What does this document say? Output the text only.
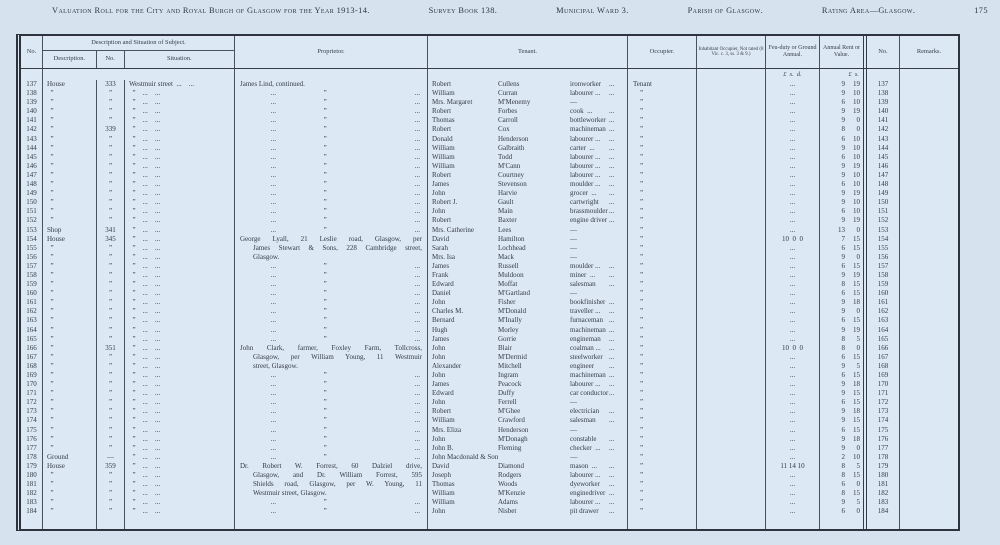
Valuation Roll for the City and Royal Burgh of Glasgow for the Year 1913-14.	Survey Book 138.	Municipal Ward 3.	Parish of Glasgow.	Rating Area—Glasgow.	175
No.
Description and Situation of Subject.
Description.	No.	Situation.
Proprietor.	Tenant.	Occupier.	Inhabitant Occupier, Not rated (8 Vic. c. 3, ss. 3 & 9.)
Feu-duty or Ground Annual.
Annual Rent or Value.
No.	Remarks.
£ s. d.	£ s.
137	House	333	Westmuir street ... ...	James Lind, continued.	Robert	Cullens	ironworker	...	Tenant	...	9	19	137
138	 ”	”	 ” ... ...	...	”	...	William	Curran	labourer ...	...	  ”	...	9	10	138
139	 ”	”	 ” ... ...	...	”	...	Mrs. Margaret	M'Menemy	—	  ”	...	6	10	139
140	 ”	”	 ” ... ...	...	”	...	Robert	Forbes	cook ...	...	  ”	...	9	19	140
141	 ”	”	 ” ... ...	...	”	...	Thomas	Carroll	bottleworker ...	  ”	...	9	0	141
142	 ”	339	 ” ... ...	...	”	...	Robert	Cox	machineman ...	  ”	...	8	0	142
143	 ”	”	 ” ... ...	...	”	...	Donald	Henderson	labourer ...	...	  ”	...	6	10	143
144	 ”	”	 ” ... ...	...	”	...	William	Galbraith	carter ...	...	  ”	...	9	10	144
145	 ”	”	 ” ... ...	...	”	...	William	Todd	labourer ...	...	  ”	...	6	10	145
146	 ”	”	 ” ... ...	...	”	...	William	M'Cann	labourer ...	...	  ”	...	9	19	146
147	 ”	”	 ” ... ...	...	”	...	Robert	Courtney	labourer ...	...	  ”	...	9	10	147
148	 ”	”	 ” ... ...	...	”	...	James	Stevenson	moulder ...	...	  ”	...	6	10	148
149	 ”	”	 ” ... ...	...	”	...	John	Harvie	grocer ...	...	  ”	...	9	19	149
150	 ”	”	 ” ... ...	...	”	...	Robert J.	Gault	cartwright	...	  ”	...	9	10	150
151	 ”	”	 ” ... ...	...	”	...	John	Main	brassmoulder ...	  ”	...	6	10	151
152	 ”	”	 ” ... ...	...	”	...	Robert	Baxter	engine driver ...	  ”	...	9	19	152
153	Shop	341	 ” ... ...	...	”	...	Mrs. Catherine	Lees	—	  ”	...	13	0	153
154	House	345	 ” ... ...	George Lyall, 21 Leslie road, Glasgow, per David	Hamilton	—	  ”	10 0 0	7	15	154
155	 ”	”	 ” ... ...	James Stewart & Sons, 228 Cambridge street, Sarah	Lochhead	—	  ”	...	6	15	155
156	 ”	”	 ” ... ...	Glasgow.	Mrs. Isa	Mack	—	  ”	...	9	0	156
157	 ”	”	 ” ... ...	...	”	...	James	Russell	moulder ...	...	  ”	...	6	15	157
158	 ”	”	 ” ... ...	...	”	...	Frank	Muldoon	miner ...	...	  ”	...	9	19	158
159	 ”	”	 ” ... ...	...	”	...	Edward	Moffat	salesman	...	  ”	...	8	15	159
160	 ”	”	 ” ... ...	...	”	...	Daniel	M'Gartland	—	  ”	...	6	15	160
161	 ”	”	 ” ... ...	...	”	...	John	Fisher	bookfinisher ...	  ”	...	9	18	161
162	 ”	”	 ” ... ...	...	”	...	Charles M.	M'Donald	traveller ...	...	  ”	...	9	0	162
163	 ”	”	 ” ... ...	...	”	...	Bernard	M'Inally	furnaceman ...	  ”	...	6	15	163
164	 ”	”	 ” ... ...	...	”	...	Hugh	Morley	machineman ...	  ”	...	9	19	164
165	 ”	”	 ” ... ...	...	”	...	James	Gorrie	engineman	...	  ”	...	8	5	165
166	 ”	351	 ” ... ...	John Clark, farmer, Foxley Farm, Tollcross, John	Blair	coalman ...	...	  ”	10 0 0	8	0	166
167	 ”	”	 ” ... ...	Glasgow, per William Young, 11 Westmuir John	M'Dermid	steelworker ...	  ”	...	6	15	167
168	 ”	”	 ” ... ...	street, Glasgow.	Alexander	Mitchell	engineer	...	  ”	...	9	5	168
169	 ”	”	 ” ... ...	...	”	...	John	Ingram	machineman ...	  ”	...	6	15	169
170	 ”	”	 ” ... ...	...	”	...	James	Peacock	labourer ...	...	  ”	...	9	18	170
171	 ”	”	 ” ... ...	...	”	...	Edward	Duffy	car conductor ...	  ”	...	9	15	171
172	 ”	”	 ” ... ...	...	”	...	John	Ferrell	—	  ”	...	6	15	172
173	 ”	”	 ” ... ...	...	”	...	Robert	M'Ghee	electrician	...	  ”	...	9	18	173
174	 ”	”	 ” ... ...	...	”	...	William	Crawford	salesman	...	  ”	...	9	15	174
175	 ”	”	 ” ... ...	...	”	...	Mrs. Eliza	Henderson	—	  ”	...	6	15	175
176	 ”	”	 ” ... ...	...	”	...	John	M'Donagh	constable	...	  ”	...	9	18	176
177	 ”	”	 ” ... ...	...	”	...	John B.	Fleming	checker ...	...	  ”	...	9	0	177
178	Ground	—	 ” ... ...	...	”	...	John Macdonald & Son	—	  ”	...	2	10	178
179	House	359	 ” ... ...	Dr. Robert W. Forrest, 60 Dalziel drive, David	Diamond	mason ...	...	  ”	11 14 10	8	5	179
180	 ”	”	 ” ... ...	Glasgow, and Dr. William Forrest, 595 Joseph	Rodgers	labourer ...	...	  ”	...	8	15	180
181	 ”	”	 ” ... ...	Shields road, Glasgow, per W. Young, 11 Thomas	Woods	dyeworker	...	  ”	...	6	0	181
182	 ”	”	 ” ... ...	Westmuir street, Glasgow.	William	M'Kenzie	enginedriver ...	  ”	...	8	15	182
183	 ”	”	 ” ... ...	...	”	...	William	Adams	labourer ...	...	  ”	...	9	5	183
184	 ”	”	 ” ... ...	...	”	...	John	Nisbet	pit drawer	...	  ”	...	6	0	184
